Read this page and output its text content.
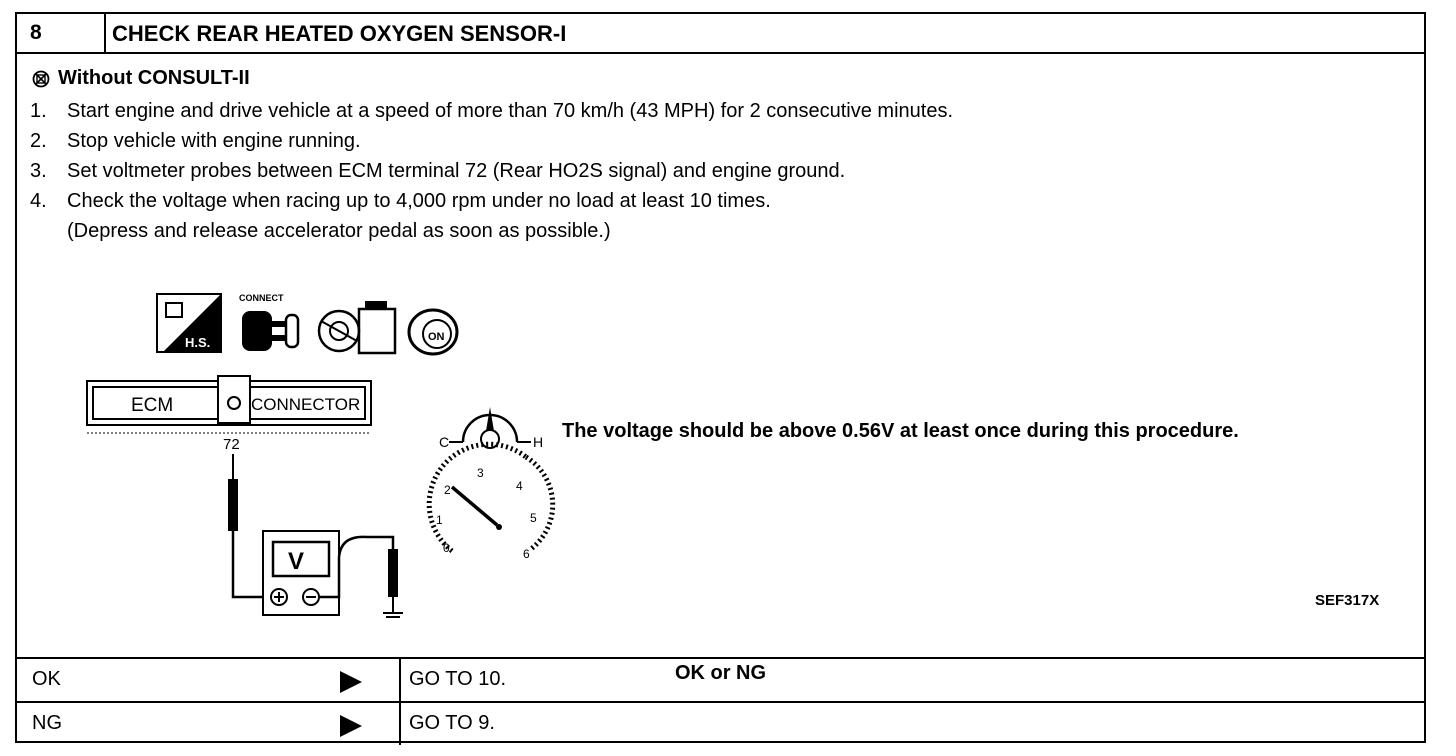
8	CHECK REAR HEATED OXYGEN SENSOR-I
Without CONSULT-II
1.	Start engine and drive vehicle at a speed of more than 70 km/h (43 MPH) for 2 consecutive minutes.
2.	Stop vehicle with engine running.
3.	Set voltmeter probes between ECM terminal 72 (Rear HO2S signal) and engine ground.
4.	Check the voltage when racing up to 4,000 rpm under no load at least 10 times.
(Depress and release accelerator pedal as soon as possible.)
H.S.
CONNECT
ON
ECM	CONNECTOR
72
V
C	H
0
1
2
3
4
5
6
The voltage should be above 0.56V at least once during this procedure.
SEF317X
OK or NG
OK	GO TO 10.
NG	GO TO 9.
